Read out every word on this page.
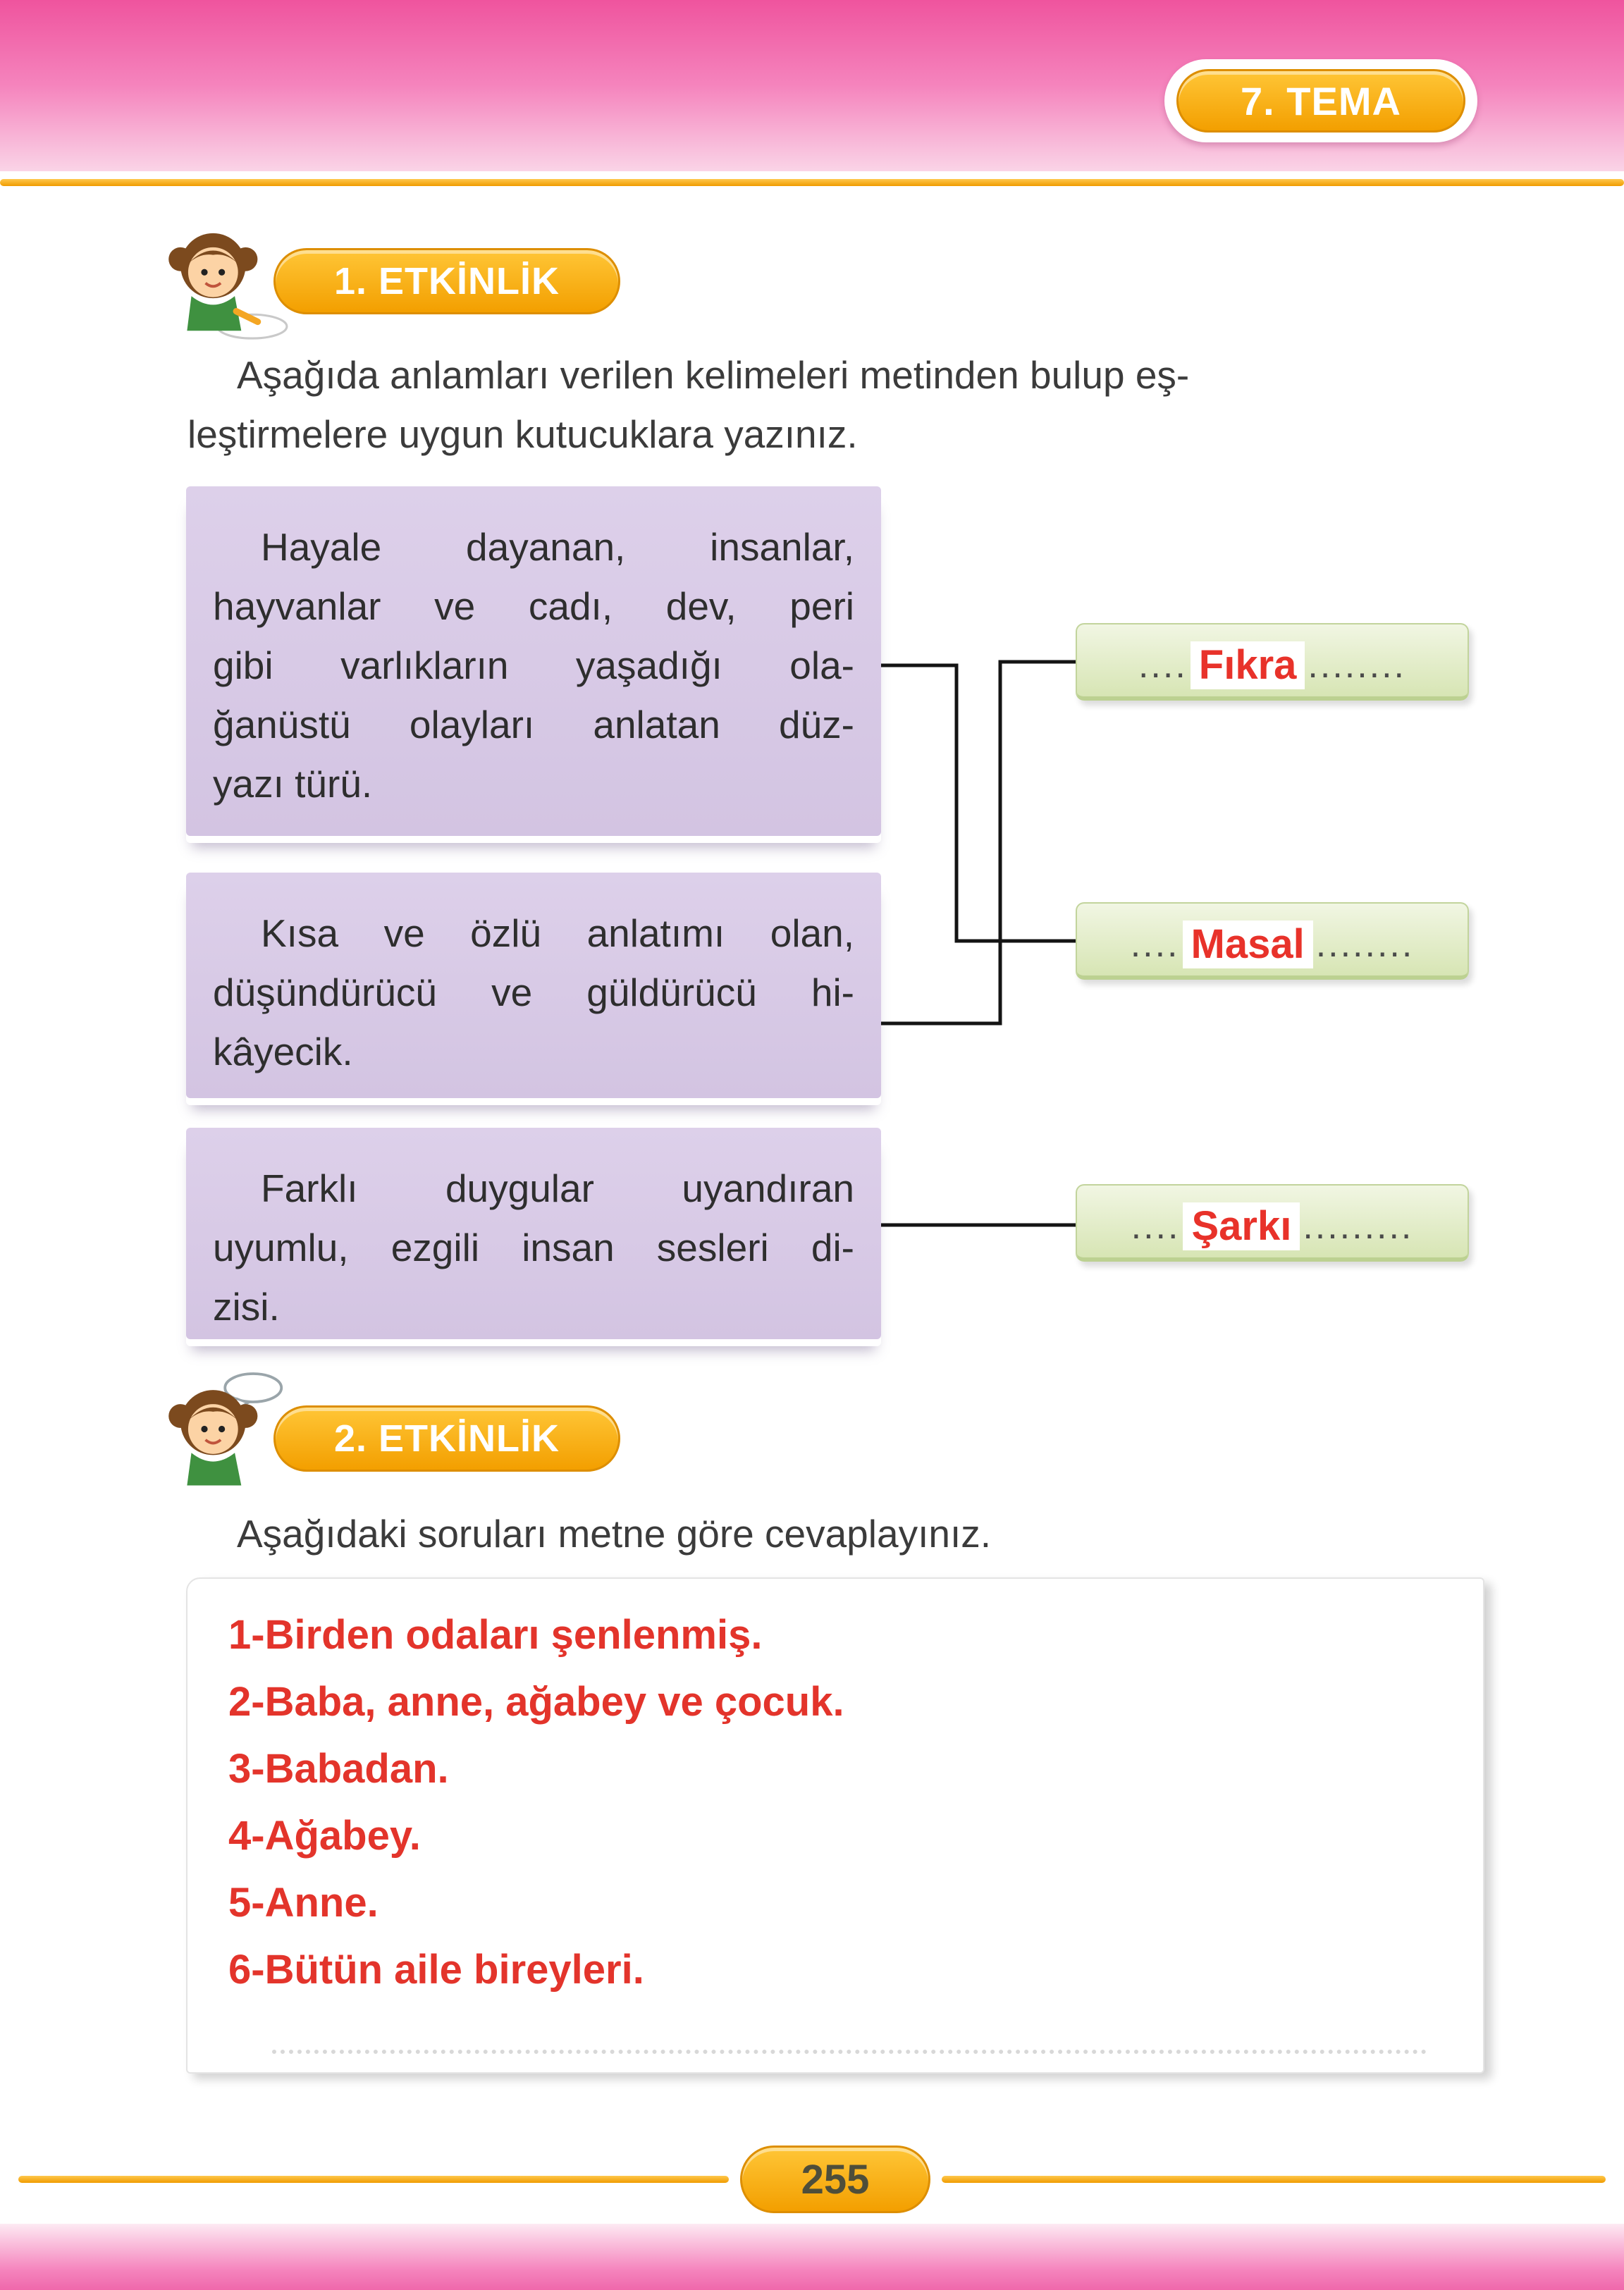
7. TEMA
1. ETKİNLİK
Aşağıda anlamları verilen kelimeleri metinden bulup eş-
leştirmelere uygun kutucuklara yazınız.
Hayale dayanan, insanlar,
hayvanlar ve cadı, dev, peri
gibi varlıkların yaşadığı ola-
ğanüstü olayları anlatan düz-
yazı türü.
Kısa ve özlü anlatımı olan,
düşündürücü ve güldürücü hi-
kâyecik.
Farklı duygular uyandıran
uyumlu, ezgili insan sesleri di-
zisi.
.... Fıkra ........
.... Masal ........
.... Şarkı .........
2. ETKİNLİK
Aşağıdaki soruları metne göre cevaplayınız.
1-Birden odaları şenlenmiş.
2-Baba, anne, ağabey ve çocuk.
3-Babadan.
4-Ağabey.
5-Anne.
6-Bütün aile bireyleri.
255
